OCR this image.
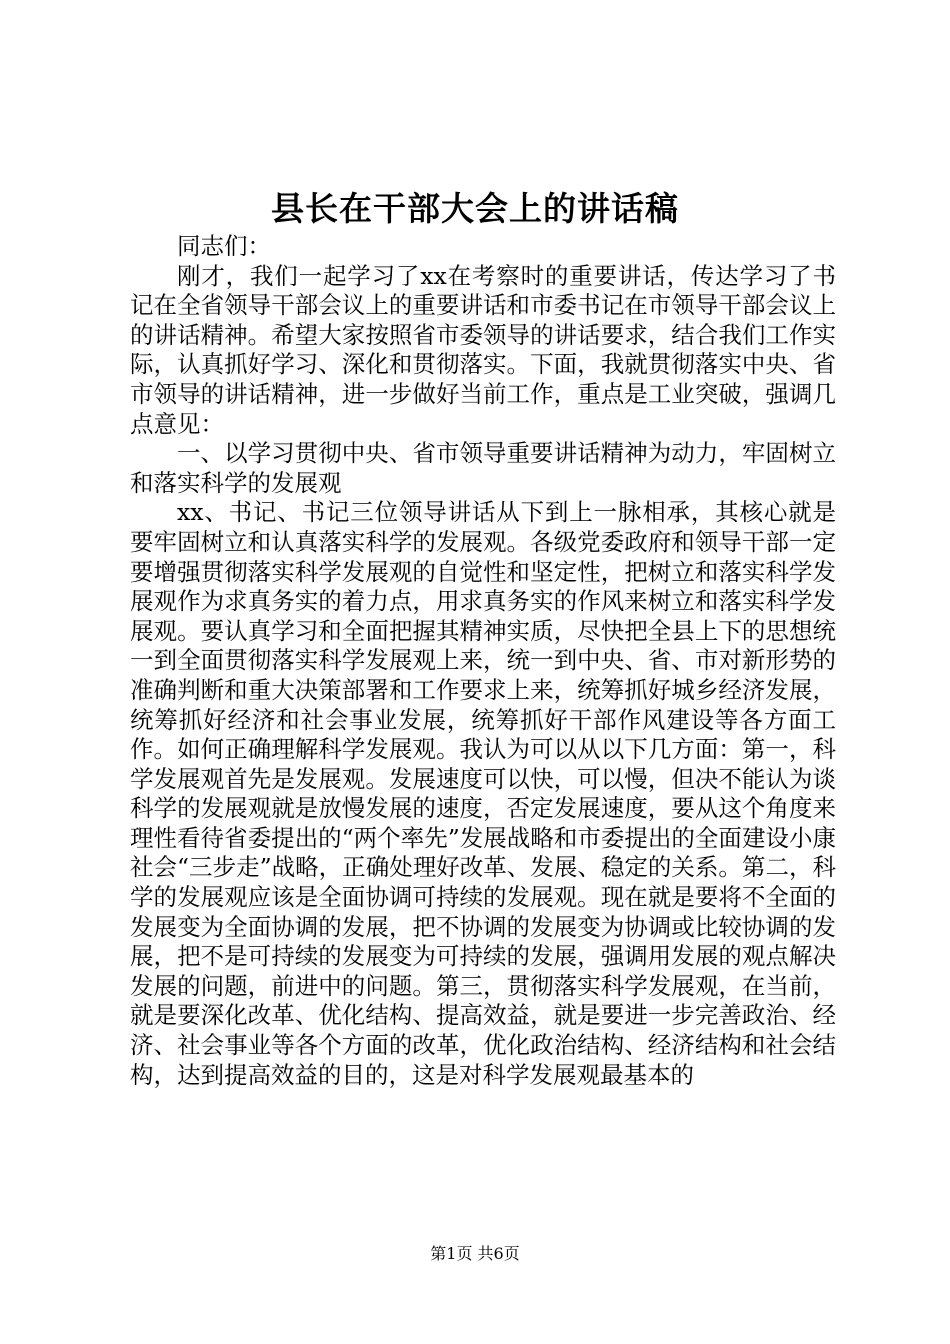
县长在干部大会上的讲话稿

同志们：

刚才，我们一起学习了xx在考察时的重要讲话，传达学习了书记在全省领导干部会议上的重要讲话和市委书记在市领导干部会议上的讲话精神。希望大家按照省市委领导的讲话要求，结合我们工作实际，认真抓好学习、深化和贯彻落实。下面，我就贯彻落实中央、省市领导的讲话精神，进一步做好当前工作，重点是工业突破，强调几点意见：

一、以学习贯彻中央、省市领导重要讲话精神为动力，牢固树立和落实科学的发展观

xx、书记、书记三位领导讲话从下到上一脉相承，其核心就是要牢固树立和认真落实科学的发展观。各级党委政府和领导干部一定要增强贯彻落实科学发展观的自觉性和坚定性，把树立和落实科学发展观作为求真务实的着力点，用求真务实的作风来树立和落实科学发展观。要认真学习和全面把握其精神实质，尽快把全县上下的思想统一到全面贯彻落实科学发展观上来，统一到中央、省、市对新形势的准确判断和重大决策部署和工作要求上来，统筹抓好城乡经济发展，统筹抓好经济和社会事业发展，统筹抓好干部作风建设等各方面工作。如何正确理解科学发展观。我认为可以从以下几方面：第一，科学发展观首先是发展观。发展速度可以快，可以慢，但决不能认为谈科学的发展观就是放慢发展的速度，否定发展速度，要从这个角度来理性看待省委提出的“两个率先”发展战略和市委提出的全面建设小康社会“三步走”战略，正确处理好改革、发展、稳定的关系。第二，科学的发展观应该是全面协调可持续的发展观。现在就是要将不全面的发展变为全面协调的发展，把不协调的发展变为协调或比较协调的发展，把不是可持续的发展变为可持续的发展，强调用发展的观点解决发展的问题，前进中的问题。第三，贯彻落实科学发展观，在当前，就是要深化改革、优化结构、提高效益，就是要进一步完善政治、经济、社会事业等各个方面的改革，优化政治结构、经济结构和社会结构，达到提高效益的目的，这是对科学发展观最基本的

第1页 共6页
